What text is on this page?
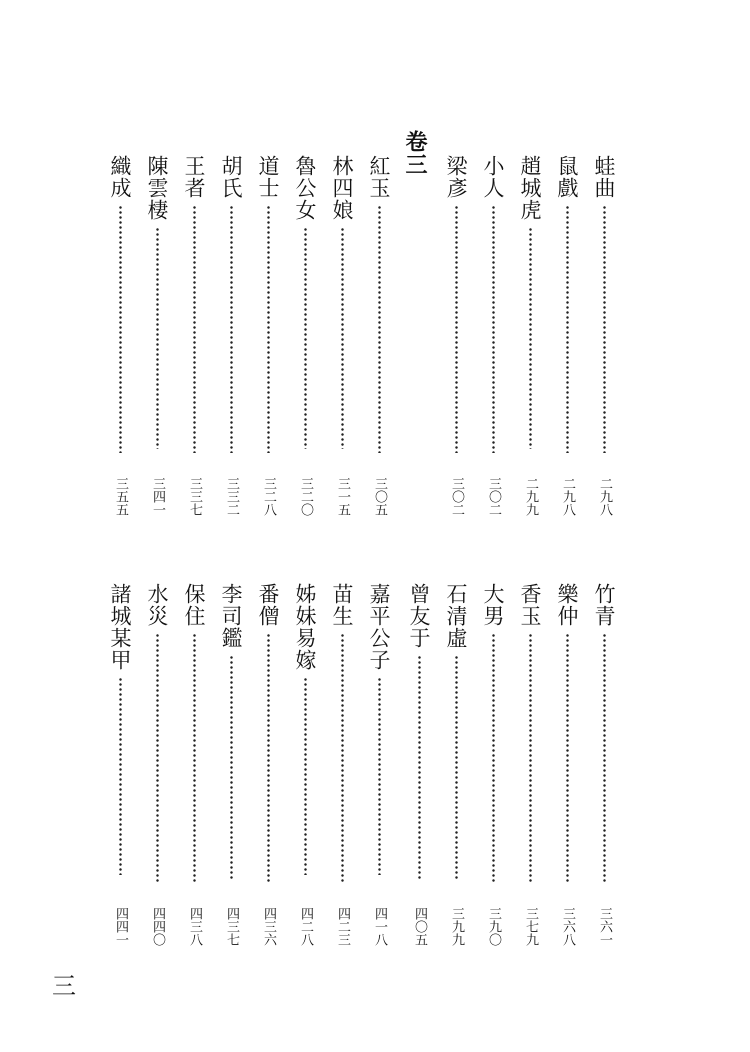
蛙曲
二九八
鼠戲
二九八
趙城虎
二九九
小人
三〇二
梁彥
三〇二
卷三
紅玉
三〇五
林四娘
三一五
魯公女
三二〇
道士
三二八
胡氏
三三二
王者
三三七
陳雲棲
三四一
織成
三五五
竹青
三六一
樂仲
三六八
香玉
三七九
大男
三九〇
石清虛
三九九
曾友于
四〇五
嘉平公子
四一八
苗生
四二三
姊妹易嫁
四二八
番僧
四三六
李司鑑
四三七
保住
四三八
水災
四四〇
諸城某甲
四四一
三
